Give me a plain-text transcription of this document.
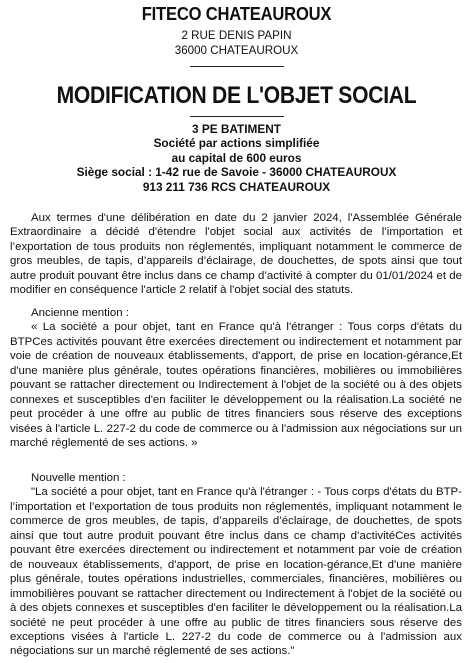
FITECO CHATEAUROUX
2 RUE DENIS PAPIN
36000 CHATEAUROUX
MODIFICATION DE L'OBJET SOCIAL
3 PE BATIMENT
Société par actions simplifiée
au capital de 600 euros
Siège social : 1-42 rue de Savoie - 36000 CHATEAUROUX
913 211 736 RCS CHATEAUROUX
Aux termes d'une délibération en date du 2 janvier 2024, l'Assemblée Générale Extraordinaire a décidé d'étendre l'objet social aux activités de l’importation et l’exportation de tous produits non réglementés, impliquant notamment le commerce de gros meubles, de tapis, d’appareils d’éclairage, de douchettes, de spots ainsi que tout autre produit pouvant être inclus dans ce champ d’activité à compter du 01/01/2024 et de modifier en conséquence l'article 2 relatif à l'objet social des statuts.
Ancienne mention :
« La société a pour objet, tant en France qu'à l'étranger : Tous corps d'états du BTPCes activités pouvant être exercées directement ou indirectement et notamment par voie de création de nouveaux établissements, d'apport, de prise en location-gérance,Et d'une manière plus générale, toutes opérations financières, mobilières ou immobilières pouvant se rattacher directement ou Indirectement à l'objet de la société ou à des objets connexes et susceptibles d'en faciliter le développement ou la réalisation.La société ne peut procéder à une offre au public de titres financiers sous réserve des exceptions visées à l'article L. 227-2 du code de commerce ou à l'admission aux négociations sur un marché réglementé de ses actions. »
Nouvelle mention :
"La société a pour objet, tant en France qu'à l'étranger : - Tous corps d'états du BTP- l’importation et l’exportation de tous produits non réglementés, impliquant notamment le commerce de gros meubles, de tapis, d’appareils d’éclairage, de douchettes, de spots ainsi que tout autre produit pouvant être inclus dans ce champ d’activitéCes activités pouvant être exercées directement ou indirectement et notamment par voie de création de nouveaux établissements, d'apport, de prise en location-gérance,Et d'une manière plus générale, toutes opérations industrielles, commerciales, financières, mobilières ou immobilières pouvant se rattacher directement ou Indirectement à l'objet de la société ou à des objets connexes et susceptibles d'en faciliter le développement ou la réalisation.La société ne peut procéder à une offre au public de titres financiers sous réserve des exceptions visées à l'article L. 227-2 du code de commerce ou à l'admission aux négociations sur un marché réglementé de ses actions."
